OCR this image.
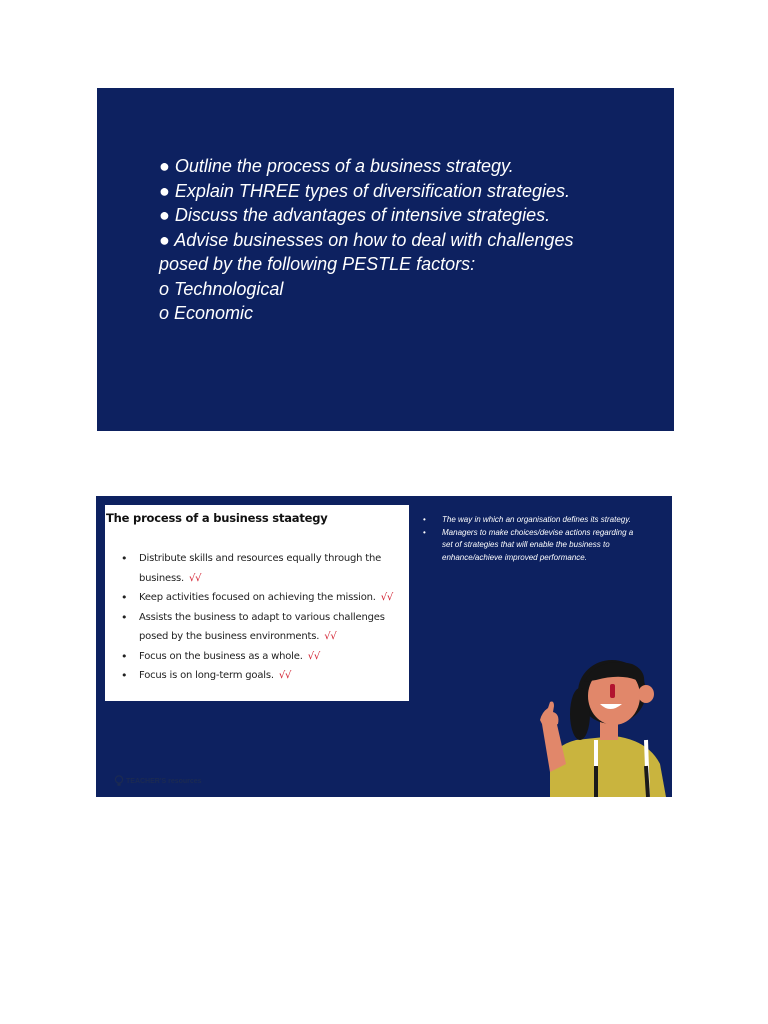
● Outline the process of a business strategy.
● Explain THREE types of diversification strategies.
● Discuss the advantages of intensive strategies.
● Advise businesses on how to deal with challenges
posed by the following PESTLE factors:
o Technological
o Economic
The process of a business staategy
• Distribute skills and resources equally through the business. √√
• Keep activities focused on achieving the mission. √√
• Assists the business to adapt to various challenges posed by the business environments. √√
• Focus on the business as a whole. √√
• Focus is on long-term goals. √√
• The way in which an organisation defines its strategy.
• Managers to make choices/devise actions regarding a set of strategies that will enable the business to enhance/achieve improved performance.
TEACHER'S resources
